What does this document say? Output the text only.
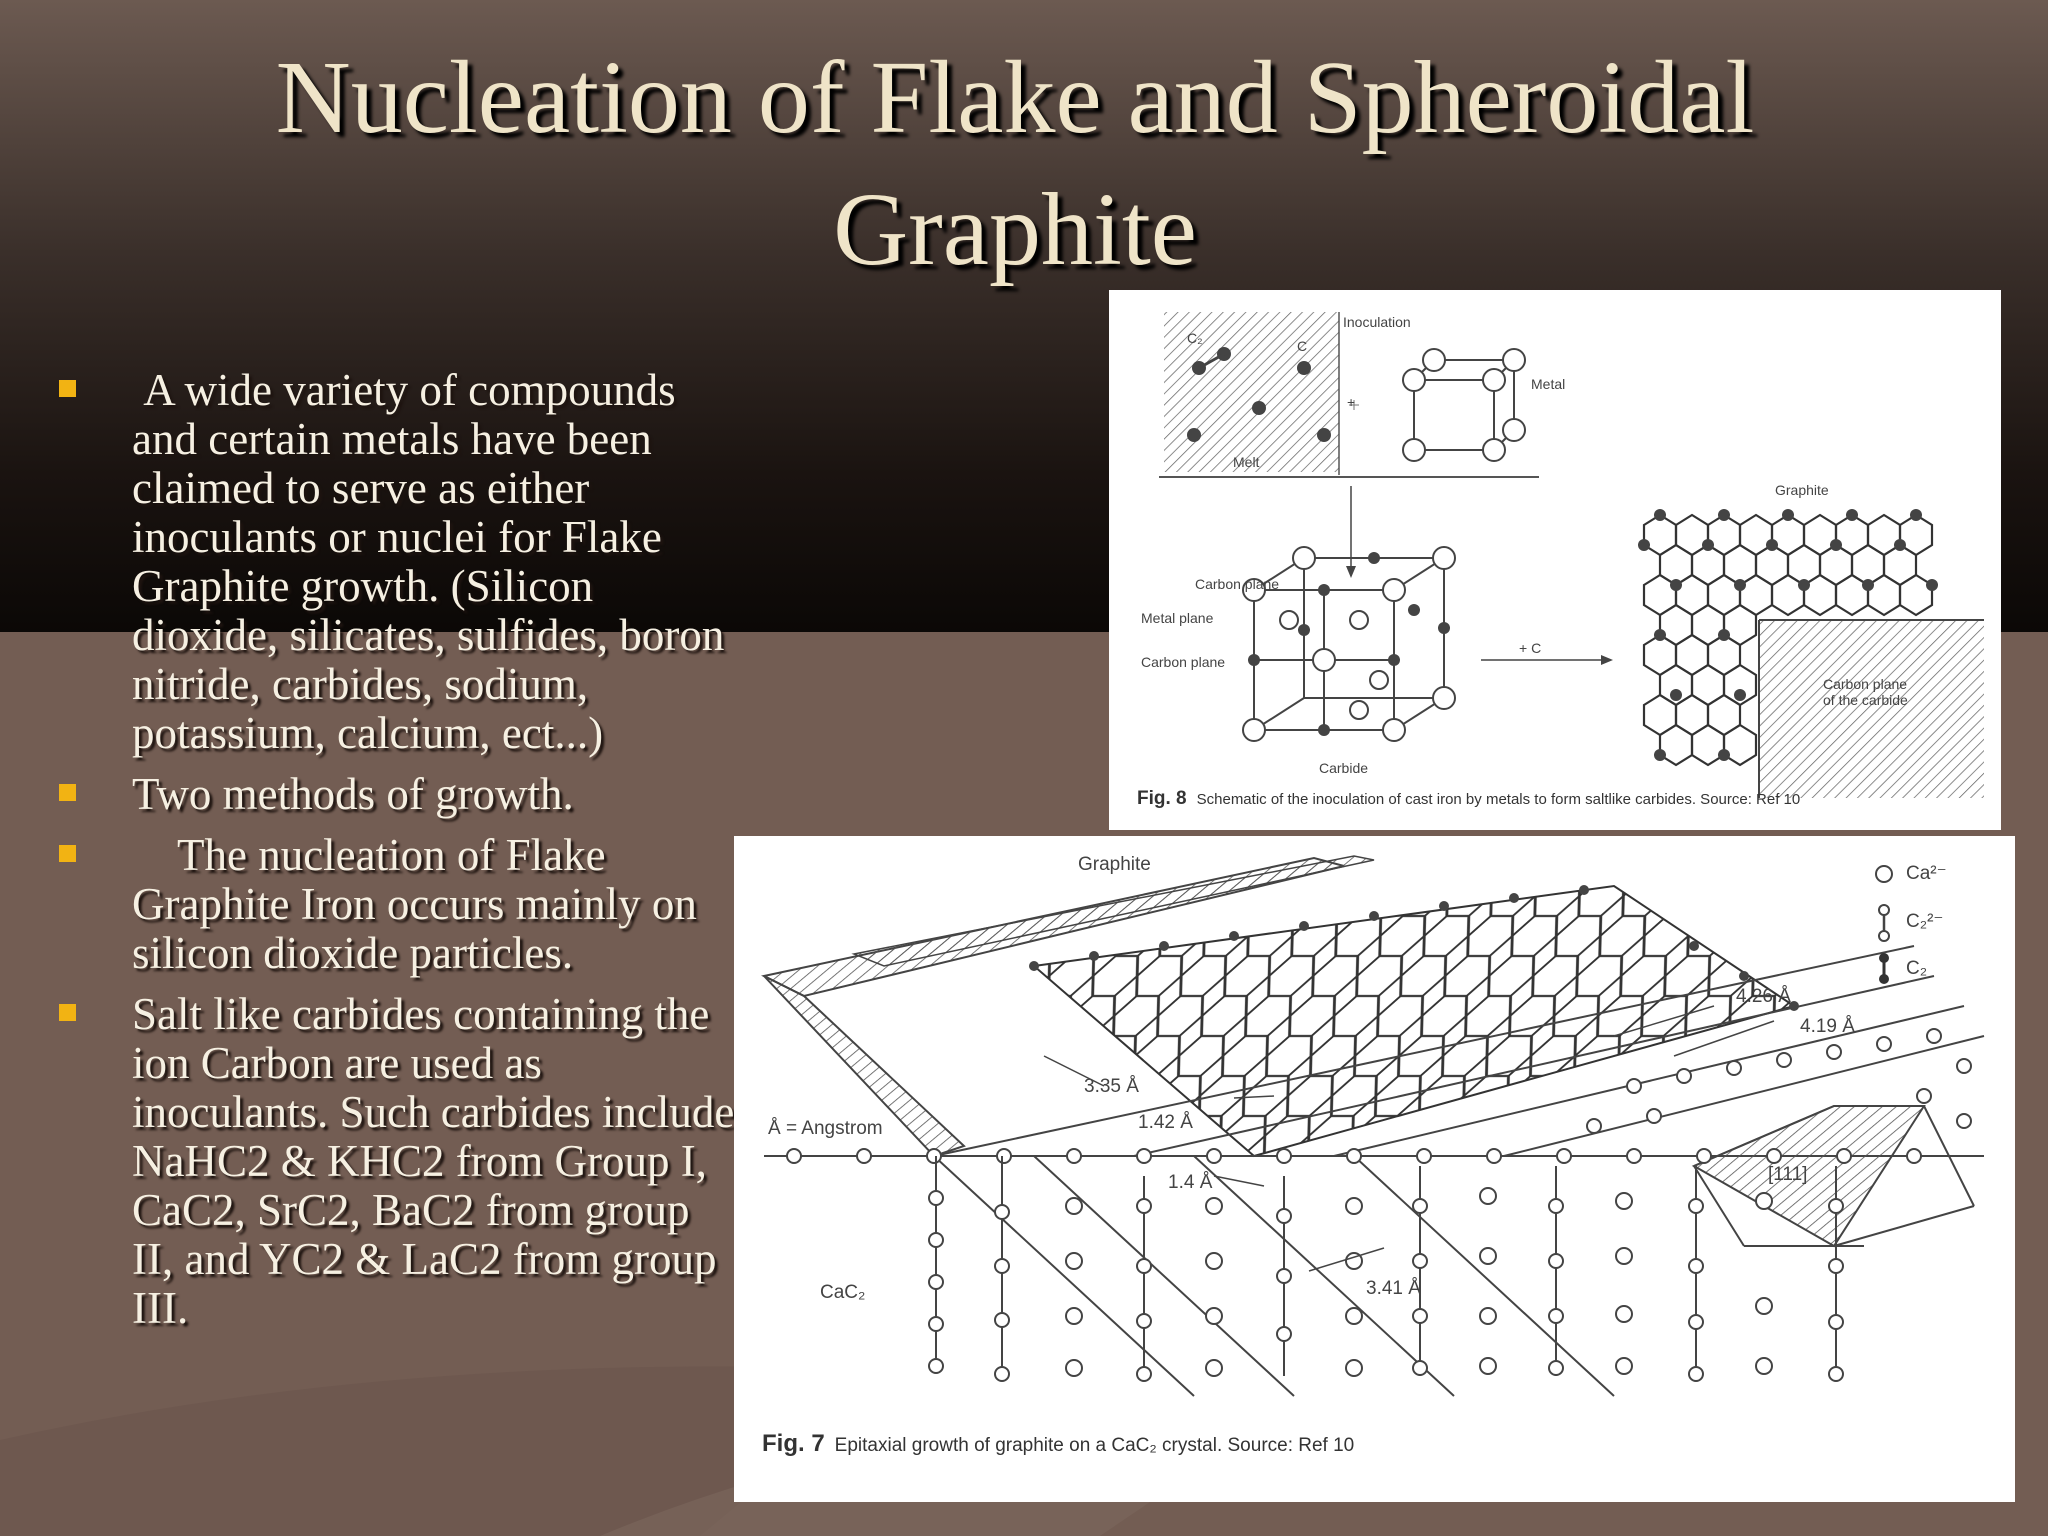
Nucleation of Flake and Spheroidal
Graphite
A wide variety of compounds and certain metals have been claimed to serve as either inoculants or nuclei for Flake Graphite growth. (Silicon dioxide, silicates, sulfides, boron nitride, carbides, sodium, potassium, calcium, ect...)
Two methods of growth.
The nucleation of Flake Graphite Iron occurs mainly on silicon dioxide particles.
Salt like carbides containing the ion Carbon are used as inoculants. Such carbides include NaHC2 & KHC2 from Group I, CaC2, SrC2, BaC2 from group II, and YC2 & LaC2 from group III.
C₂	C
Inoculation
Metal
Melt
+
Graphite
Carbon plane
Metal plane
Carbon plane
+ C
Carbon plane
of the carbide
Carbide
Fig. 8 Schematic of the inoculation of cast iron by metals to form saltlike carbides. Source: Ref 10
Graphite
Å = Angstrom
CaC₂
3.35 Å
1.42 Å
1.4 Å
3.41 Å
4.26 Å
4.19 Å
[111]
Ca²⁻
C₂²⁻
C₂
Fig. 7 Epitaxial growth of graphite on a CaC₂ crystal. Source: Ref 10
